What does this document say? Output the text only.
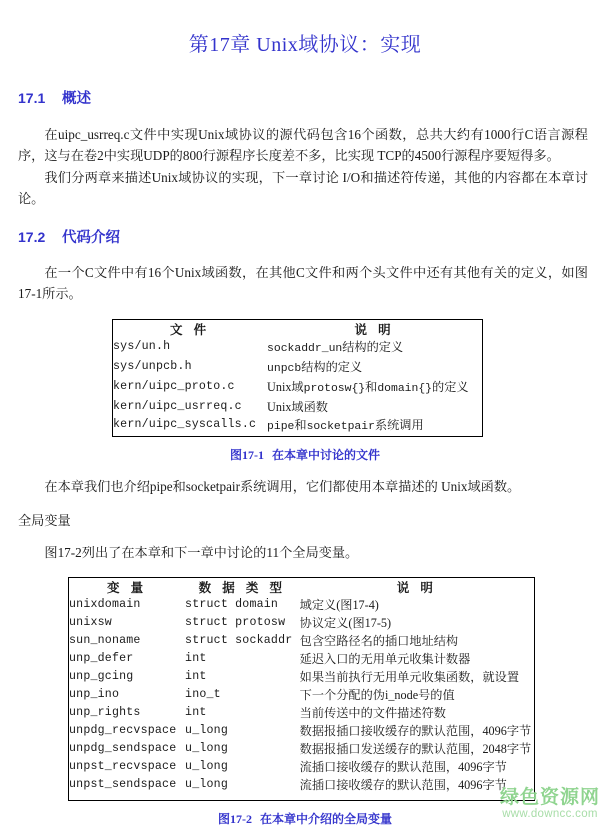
第17章 Unix域协议：实现
17.1 概述

在uipc_usrreq.c文件中实现Unix域协议的源代码包含16个函数，总共大约有1000行C语言源程序，这与在卷2中实现UDP的800行源程序长度差不多，比实现 TCP的4500行源程序要短得多。

我们分两章来描述Unix域协议的实现，下一章讨论 I/O和描述符传递，其他的内容都在本章讨论。

17.2 代码介绍

在一个C文件中有16个Unix域函数，在其他C文件和两个头文件中还有其他有关的定义，如图17-1所示。

文 件	说 明
sys/un.h	sockaddr_un结构的定义
sys/unpcb.h	unpcb结构的定义
kern/uipc_proto.c	Unix域protosw{}和domain{}的定义
kern/uipc_usrreq.c	Unix域函数
kern/uipc_syscalls.c	pipe和socketpair系统调用

图17-1 在本章中讨论的文件

在本章我们也介绍pipe和socketpair系统调用，它们都使用本章描述的 Unix域函数。

全局变量

图17-2列出了在本章和下一章中讨论的11个全局变量。

变 量	数 据 类 型	说 明
unixdomain	struct domain	域定义(图17-4)
unixsw	struct protosw	协议定义(图17-5)
sun_noname	struct sockaddr	包含空路径名的插口地址结构
unp_defer	int	延迟入口的无用单元收集计数器
unp_gcing	int	如果当前执行无用单元收集函数，就设置
unp_ino	ino_t	下一个分配的伪i_node号的值
unp_rights	int	当前传送中的文件描述符数
unpdg_recvspace	u_long	数据报插口接收缓存的默认范围，4096字节
unpdg_sendspace	u_long	数据报插口发送缓存的默认范围，2048字节
unpst_recvspace	u_long	流插口接收缓存的默认范围，4096字节
unpst_sendspace	u_long	流插口接收缓存的默认范围，4096字节

图17-2 在本章中介绍的全局变量

绿色资源网
www.downcc.com
